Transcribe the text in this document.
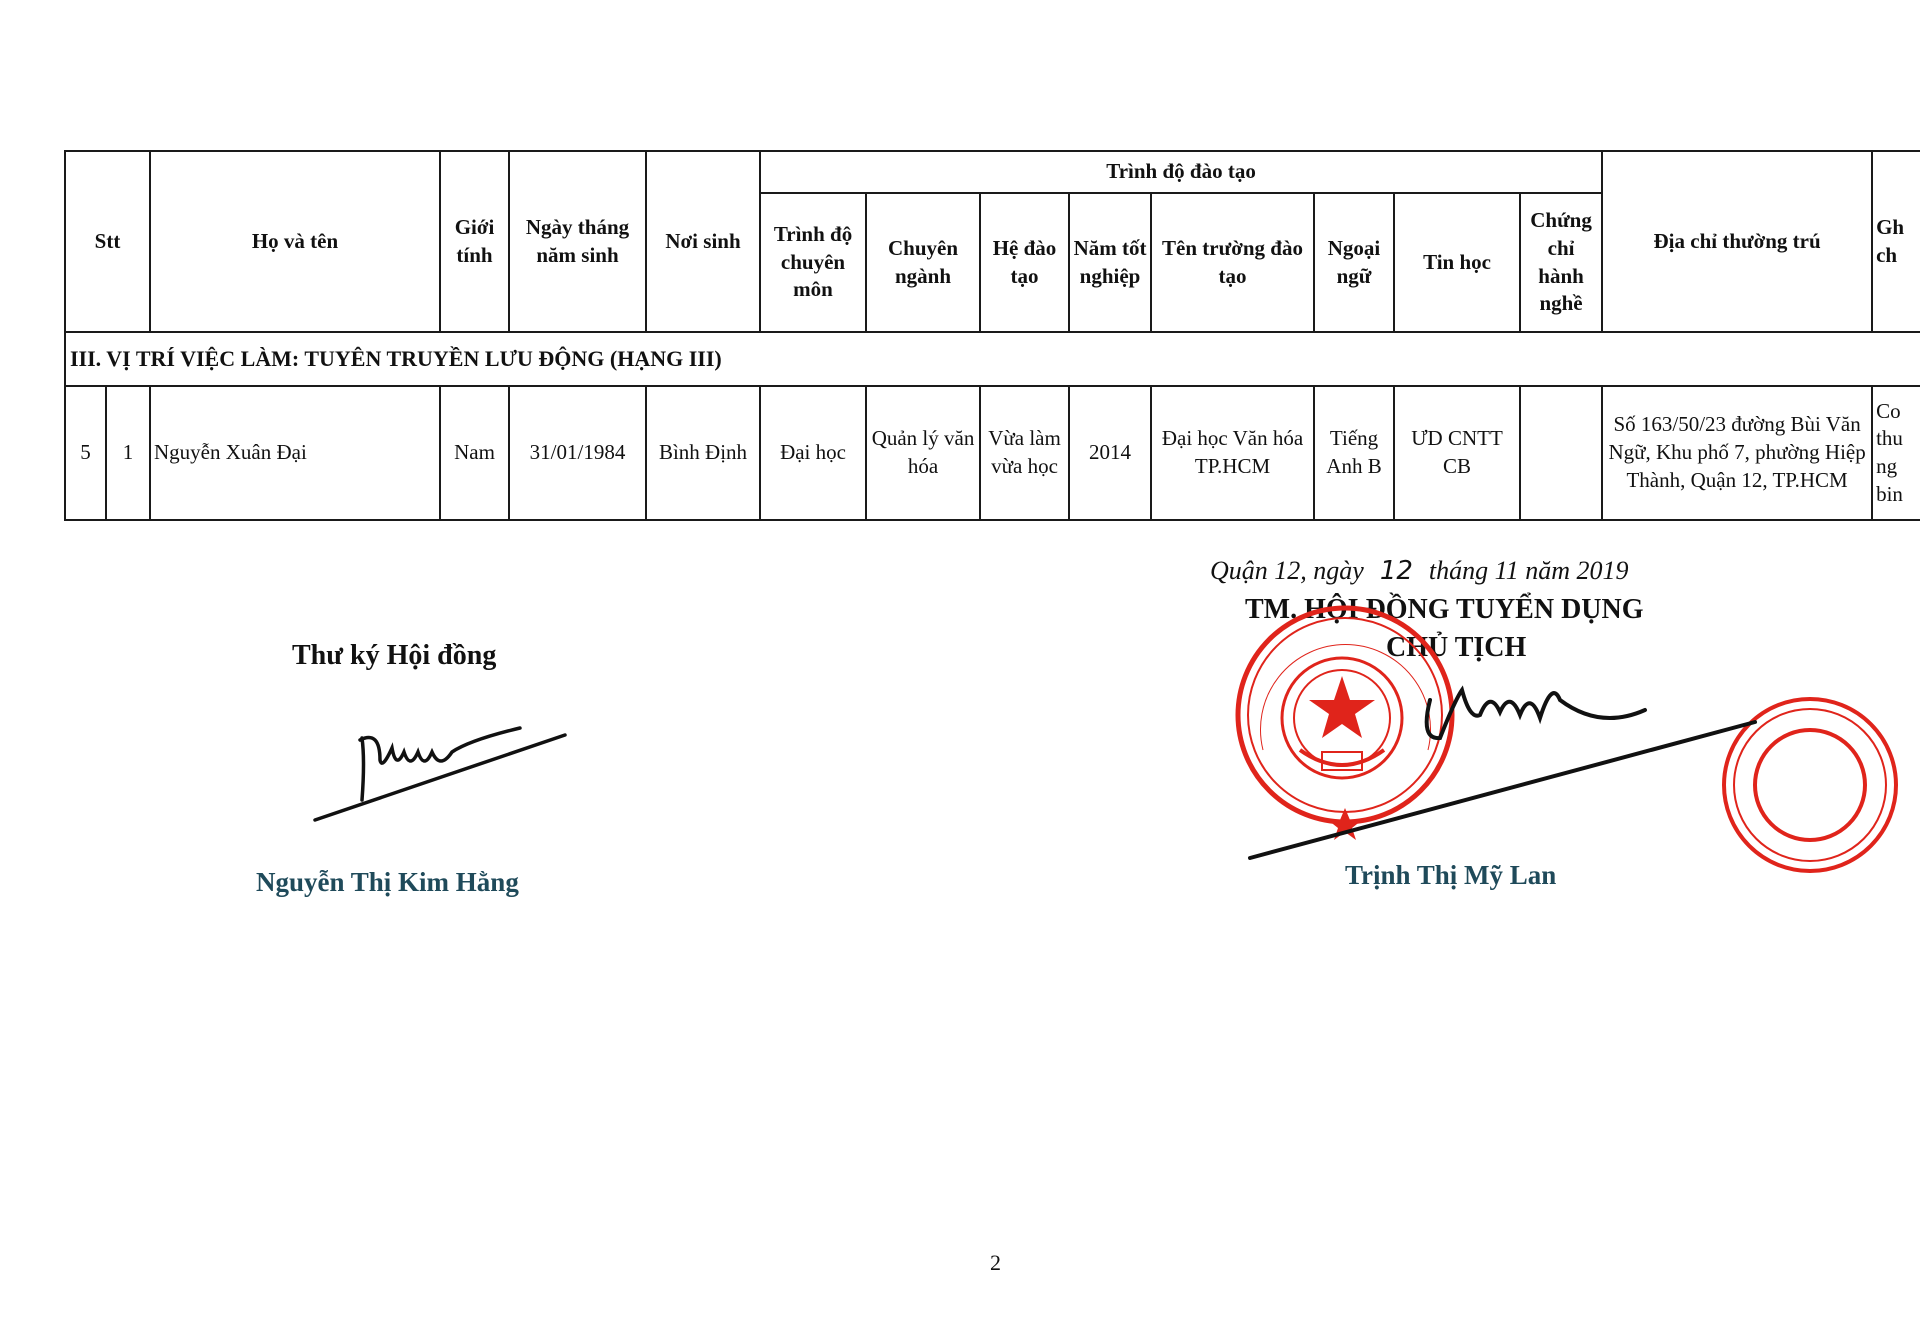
Stt		Họ và tên	Giới tính	Ngày tháng năm sinh	Nơi sinh	Trình độ đào tạo								Địa chỉ thường trú	Gh
ch
						Trình độ chuyên môn	Chuyên ngành	Hệ đào tạo	Năm tốt nghiệp	Tên trường đào tạo	Ngoại ngữ	Tin học	Chứng chỉ hành nghề		
III. VỊ TRÍ VIỆC LÀM: TUYÊN TRUYỀN LƯU ĐỘNG (HẠNG III)															
5	1	Nguyễn Xuân Đại	Nam	31/01/1984	Bình Định	Đại học	Quản lý văn hóa	Vừa làm vừa học	2014	Đại học Văn hóa TP.HCM	Tiếng Anh B	ƯD CNTT CB		Số 163/50/23 đường Bùi Văn Ngữ, Khu phố 7, phường Hiệp Thành, Quận 12, TP.HCM	Co
thu
ng
bin
Quận 12, ngày 12 tháng 11 năm 2019
TM. HỘI ĐỒNG TUYỂN DỤNG
CHỦ TỊCH
Thư ký Hội đồng
Trịnh Thị Mỹ Lan
Nguyễn Thị Kim Hằng
2
